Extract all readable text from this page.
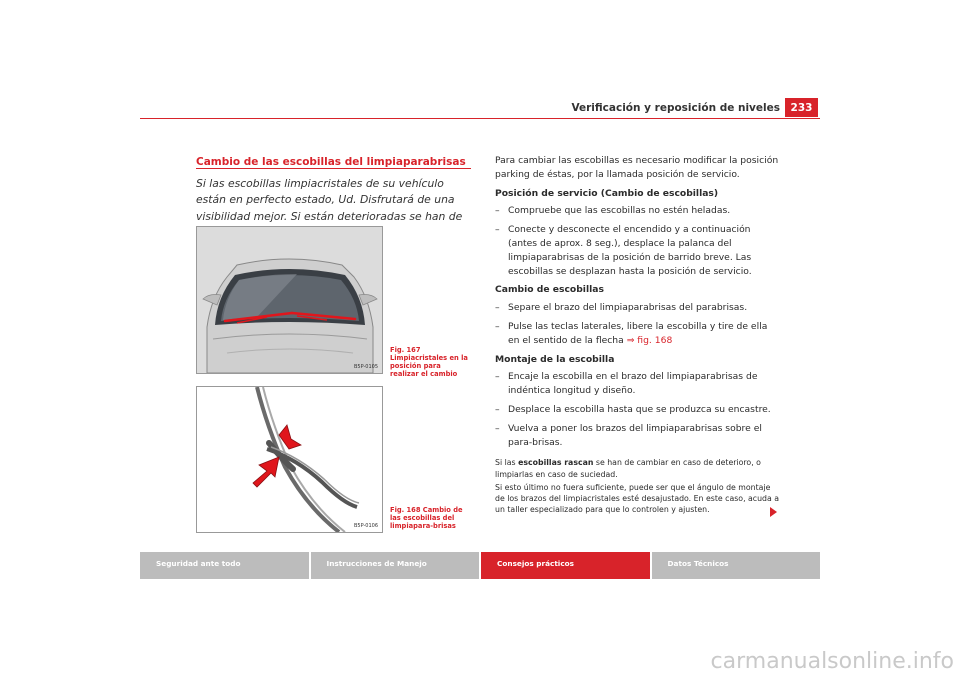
Verificación y reposición de niveles	233
Cambio de las escobillas del limpiaparabrisas
Si las escobillas limpiacristales de su vehículo están en perfecto estado, Ud. Disfrutará de una visibilidad mejor. Si están deterioradas se han de
B5P-0105
Fig. 167 Limpiacristales en la posición para realizar el cambio
B5P-0106
Fig. 168 Cambio de las escobillas del limpiapara-brisas

Para cambiar las escobillas es necesario modificar la posición parking de éstas, por la llamada posición de servicio.

Posición de servicio (Cambio de escobillas)
– Compruebe que las escobillas no estén heladas.
– Conecte y desconecte el encendido y a continuación (antes de aprox. 8 seg.), desplace la palanca del limpiaparabrisas de la posición de barrido breve. Las escobillas se desplazan hasta la posición de servicio.
Cambio de escobillas
– Separe el brazo del limpiaparabrisas del parabrisas.
– Pulse las teclas laterales, libere la escobilla y tire de ella en el sentido de la flecha ⇒ fig. 168
Montaje de la escobilla
– Encaje la escobilla en el brazo del limpiaparabrisas de indéntica longitud y diseño.
– Desplace la escobilla hasta que se produzca su encastre.
– Vuelva a poner los brazos del limpiaparabrisas sobre el para-brisas.

Si las escobillas rascan se han de cambiar en caso de deterioro, o limpiarlas en caso de suciedad.

Si esto último no fuera suficiente, puede ser que el ángulo de montaje de los brazos del limpiacristales esté desajustado. En este caso, acuda a un taller especializado para que lo controlen y ajusten.

Seguridad ante todo	Instrucciones de Manejo	Consejos prácticos	Datos Técnicos
carmanualsonline.info
